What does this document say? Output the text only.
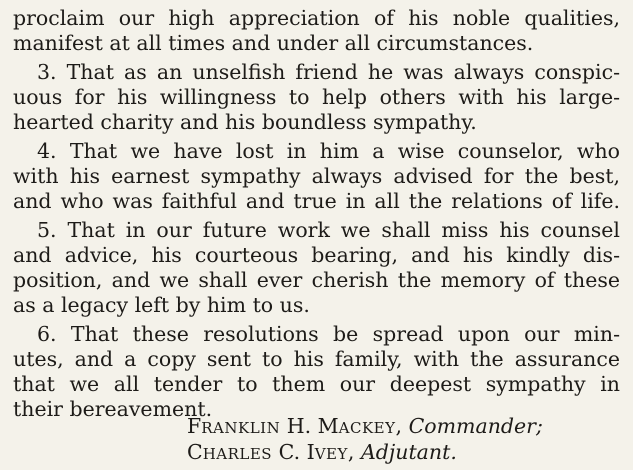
proclaim our high appreciation of his noble qualities,
manifest at all times and under all circumstances.
3. That as an unselfish friend he was always conspic-
uous for his willingness to help others with his large-
hearted charity and his boundless sympathy.
4. That we have lost in him a wise counselor, who
with his earnest sympathy always advised for the best,
and who was faithful and true in all the relations of life.
5. That in our future work we shall miss his counsel
and advice, his courteous bearing, and his kindly dis-
position, and we shall ever cherish the memory of these
as a legacy left by him to us.
6. That these resolutions be spread upon our min-
utes, and a copy sent to his family, with the assurance
that we all tender to them our deepest sympathy in
their bereavement.
FRANKLIN H. MACKEY, Commander;
CHARLES C. IVEY, Adjutant.
